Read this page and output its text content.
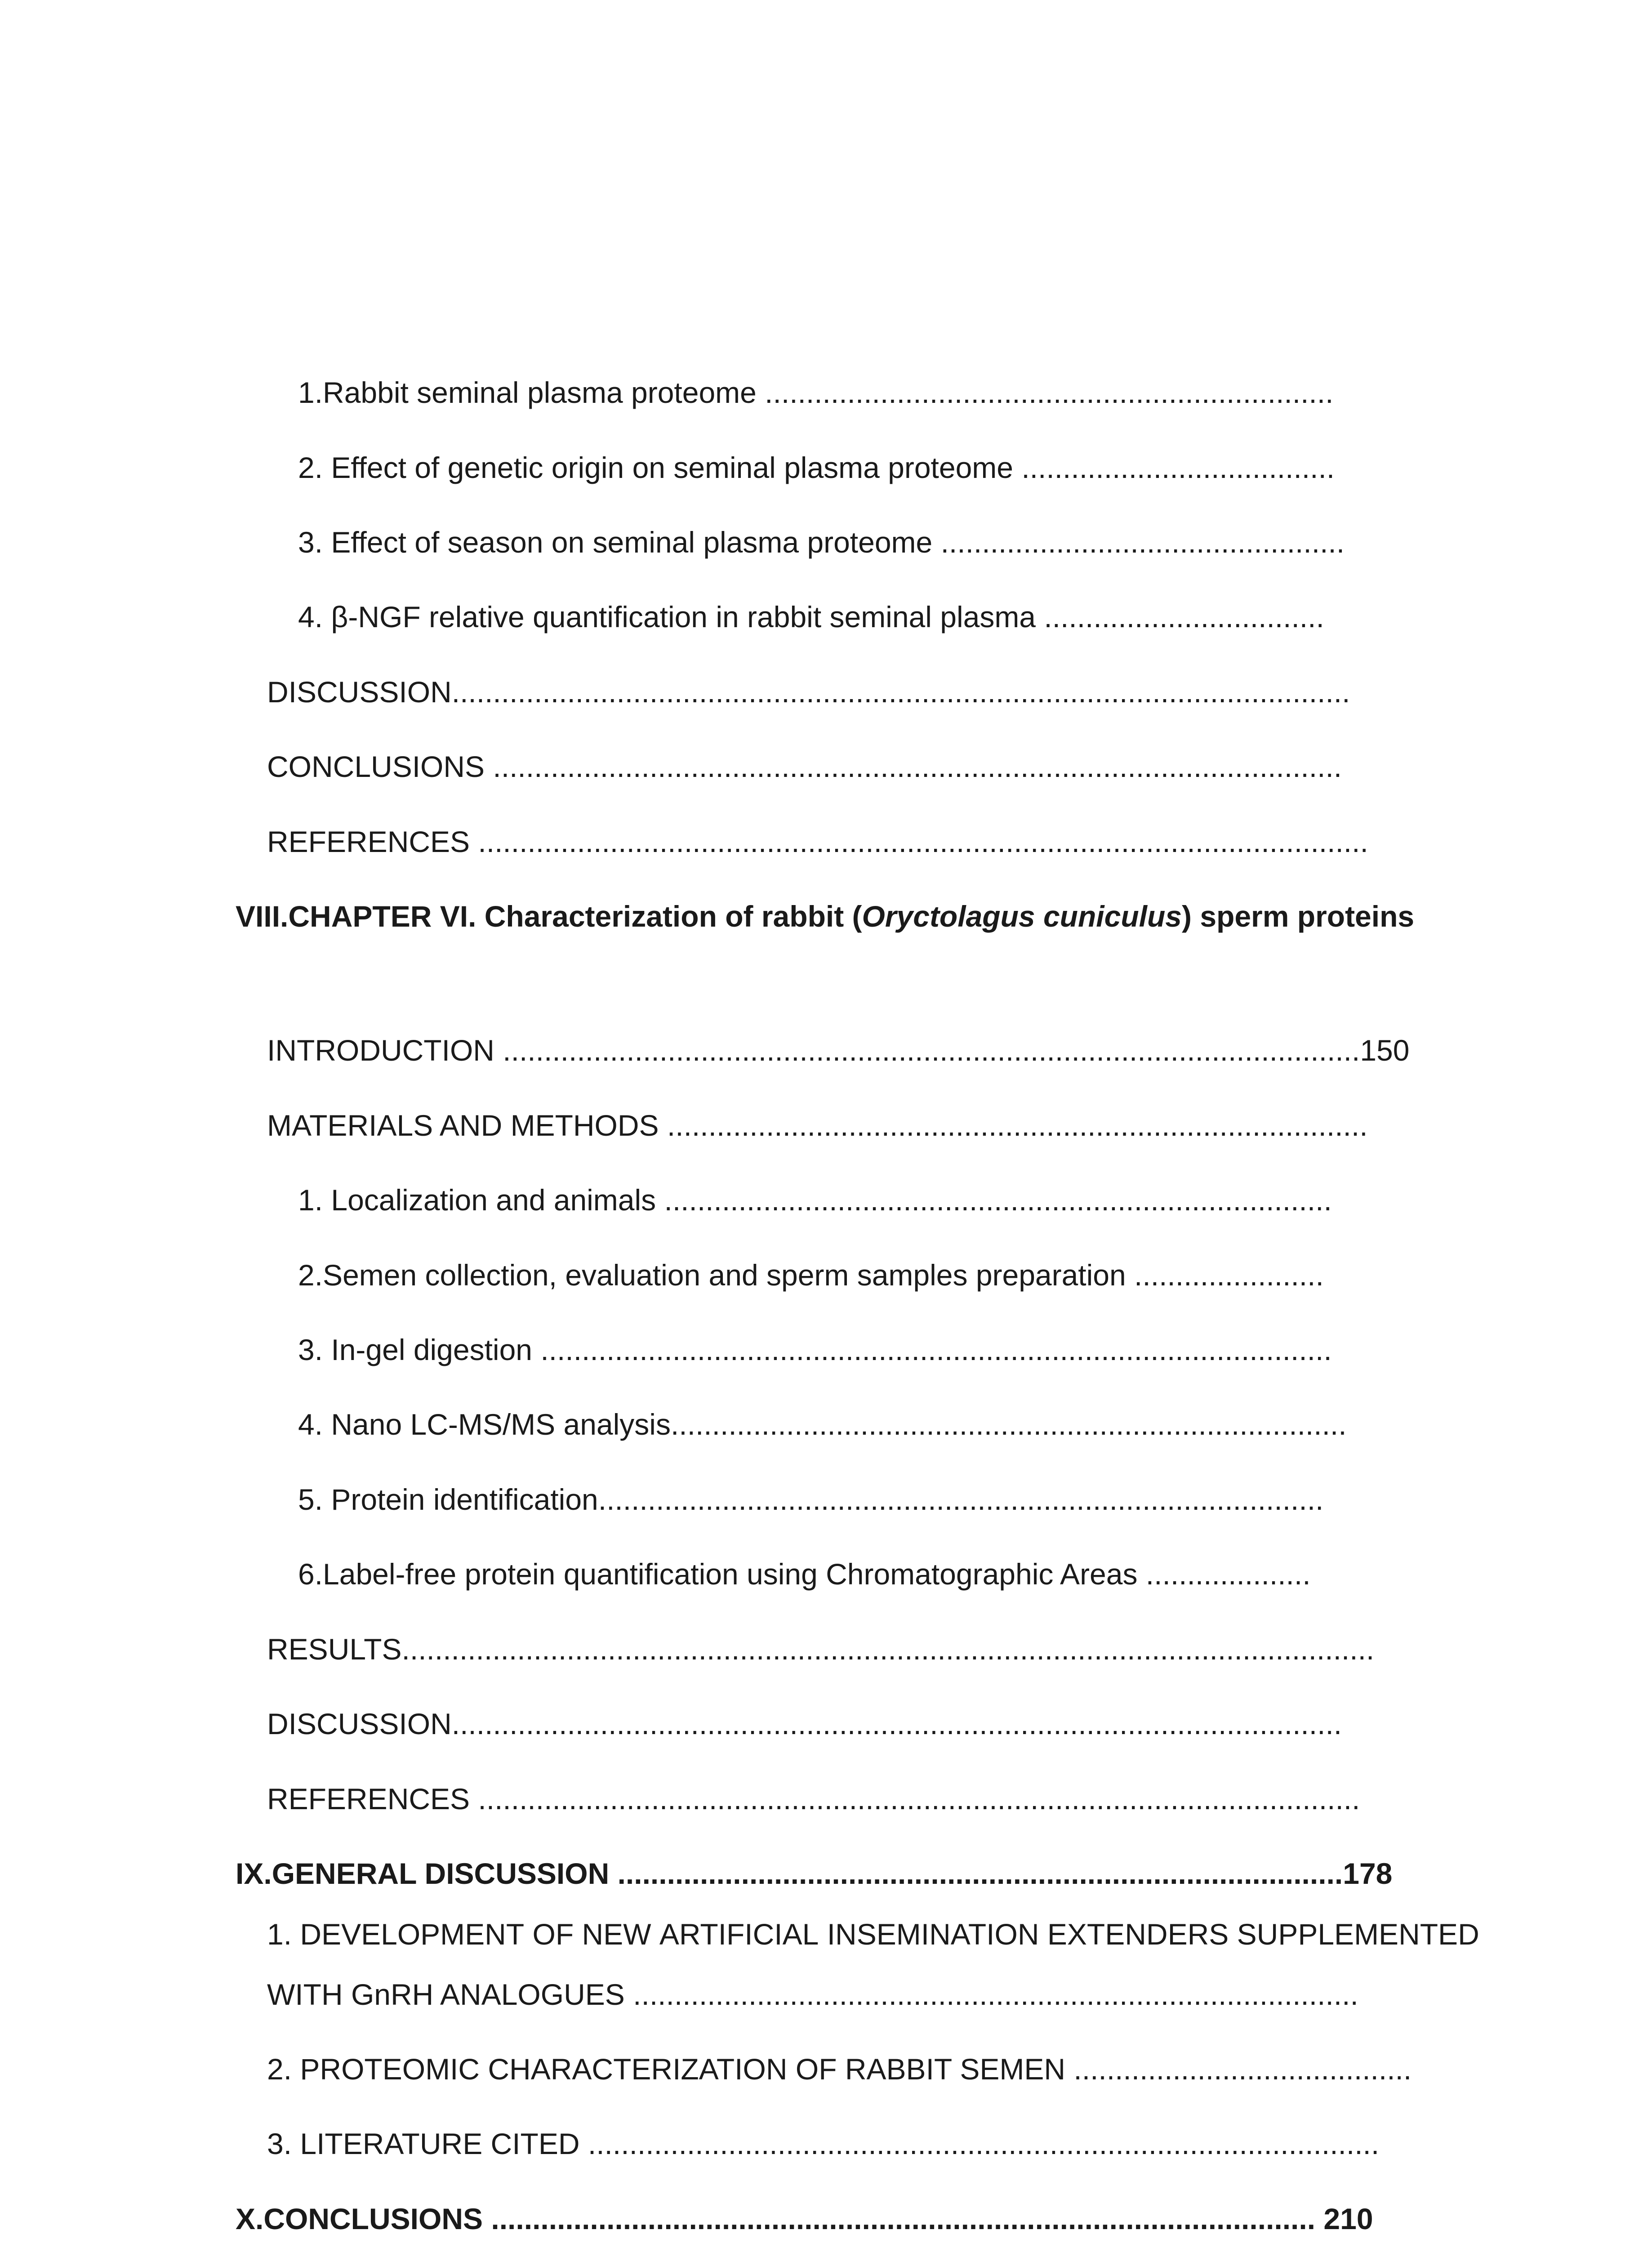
1.Rabbit seminal plasma proteome .....................................................................
2. Effect of genetic origin on seminal plasma proteome ......................................
3. Effect of season on seminal plasma proteome .................................................
4. β-NGF relative quantification in rabbit seminal plasma ..................................
DISCUSSION.............................................................................................................
CONCLUSIONS .......................................................................................................
REFERENCES ............................................................................................................
VIII.CHAPTER VI. Characterization of rabbit (Oryctolagus cuniculus) sperm proteins
INTRODUCTION ........................................................................................................150
MATERIALS AND METHODS .....................................................................................
1. Localization and animals .................................................................................
2.Semen collection, evaluation and sperm samples preparation .......................
3. In-gel digestion ................................................................................................
4. Nano LC-MS/MS analysis..................................................................................
5. Protein identification........................................................................................
6.Label-free protein quantification using Chromatographic Areas ....................
RESULTS......................................................................................................................
DISCUSSION............................................................................................................
REFERENCES ...........................................................................................................
IX.GENERAL DISCUSSION ........................................................................................178
1. DEVELOPMENT OF NEW ARTIFICIAL INSEMINATION EXTENDERS SUPPLEMENTED
WITH GnRH ANALOGUES ........................................................................................
2. PROTEOMIC CHARACTERIZATION OF RABBIT SEMEN .........................................
3. LITERATURE CITED ................................................................................................
X.CONCLUSIONS .................................................................................................... 210
